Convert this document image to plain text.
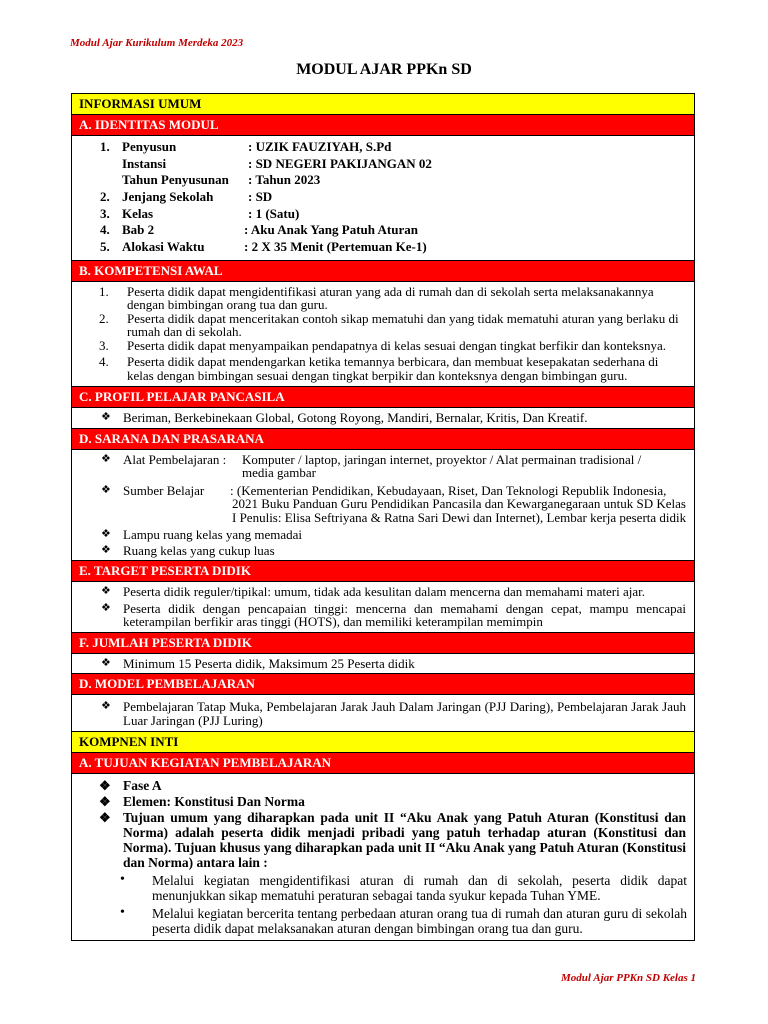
Modul Ajar Kurikulum Merdeka 2023
MODUL AJAR PPKn SD
INFORMASI UMUM
A. IDENTITAS MODUL
1. Penyusun	: UZIK FAUZIYAH, S.Pd
Instansi	: SD NEGERI PAKIJANGAN 02
Tahun Penyusunan : Tahun 2023
2. Jenjang Sekolah	: SD
3. Kelas	: 1 (Satu)
4. Bab 2	: Aku Anak Yang Patuh Aturan
5. Alokasi Waktu	: 2 X 35 Menit (Pertemuan Ke-1)
B. KOMPETENSI AWAL
1. Peserta didik dapat mengidentifikasi aturan yang ada di rumah dan di sekolah serta melaksanakannya dengan bimbingan orang tua dan guru.
2. Peserta didik dapat menceritakan contoh sikap mematuhi dan yang tidak mematuhi aturan yang berlaku di rumah dan di sekolah.
3. Peserta didik dapat menyampaikan pendapatnya di kelas sesuai dengan tingkat berfikir dan konteksnya.
4. Peserta didik dapat mendengarkan ketika temannya berbicara, dan membuat kesepakatan sederhana di kelas dengan bimbingan sesuai dengan tingkat berpikir dan konteksnya dengan bimbingan guru.
C. PROFIL PELAJAR PANCASILA
❖ Beriman, Berkebinekaan Global, Gotong Royong, Mandiri, Bernalar, Kritis, Dan Kreatif.
D. SARANA DAN PRASARANA
❖ Alat Pembelajaran : Komputer / laptop, jaringan internet, proyektor / Alat permainan tradisional / media gambar
❖ Sumber Belajar : (Kementerian Pendidikan, Kebudayaan, Riset, Dan Teknologi Republik Indonesia, 2021 Buku Panduan Guru Pendidikan Pancasila dan Kewarganegaraan untuk SD Kelas I Penulis: Elisa Seftriyana & Ratna Sari Dewi dan Internet), Lembar kerja peserta didik
❖ Lampu ruang kelas yang memadai
❖ Ruang kelas yang cukup luas
E. TARGET PESERTA DIDIK
❖ Peserta didik reguler/tipikal: umum, tidak ada kesulitan dalam mencerna dan memahami materi ajar.
❖ Peserta didik dengan pencapaian tinggi: mencerna dan memahami dengan cepat, mampu mencapai keterampilan berfikir aras tinggi (HOTS), dan memiliki keterampilan memimpin
F. JUMLAH PESERTA DIDIK
❖ Minimum 15 Peserta didik, Maksimum 25 Peserta didik
D. MODEL PEMBELAJARAN
❖ Pembelajaran Tatap Muka, Pembelajaran Jarak Jauh Dalam Jaringan (PJJ Daring), Pembelajaran Jarak Jauh Luar Jaringan (PJJ Luring)
KOMPNEN INTI
A. TUJUAN KEGIATAN PEMBELAJARAN
❖ Fase A
❖ Elemen: Konstitusi Dan Norma
❖ Tujuan umum yang diharapkan pada unit II “Aku Anak yang Patuh Aturan (Konstitusi dan Norma) adalah peserta didik menjadi pribadi yang patuh terhadap aturan (Konstitusi dan Norma). Tujuan khusus yang diharapkan pada unit II “Aku Anak yang Patuh Aturan (Konstitusi dan Norma) antara lain :
• Melalui kegiatan mengidentifikasi aturan di rumah dan di sekolah, peserta didik dapat menunjukkan sikap mematuhi peraturan sebagai tanda syukur kepada Tuhan YME.
• Melalui kegiatan bercerita tentang perbedaan aturan orang tua di rumah dan aturan guru di sekolah peserta didik dapat melaksanakan aturan dengan bimbingan orang tua dan guru.
Modul Ajar PPKn SD Kelas 1
